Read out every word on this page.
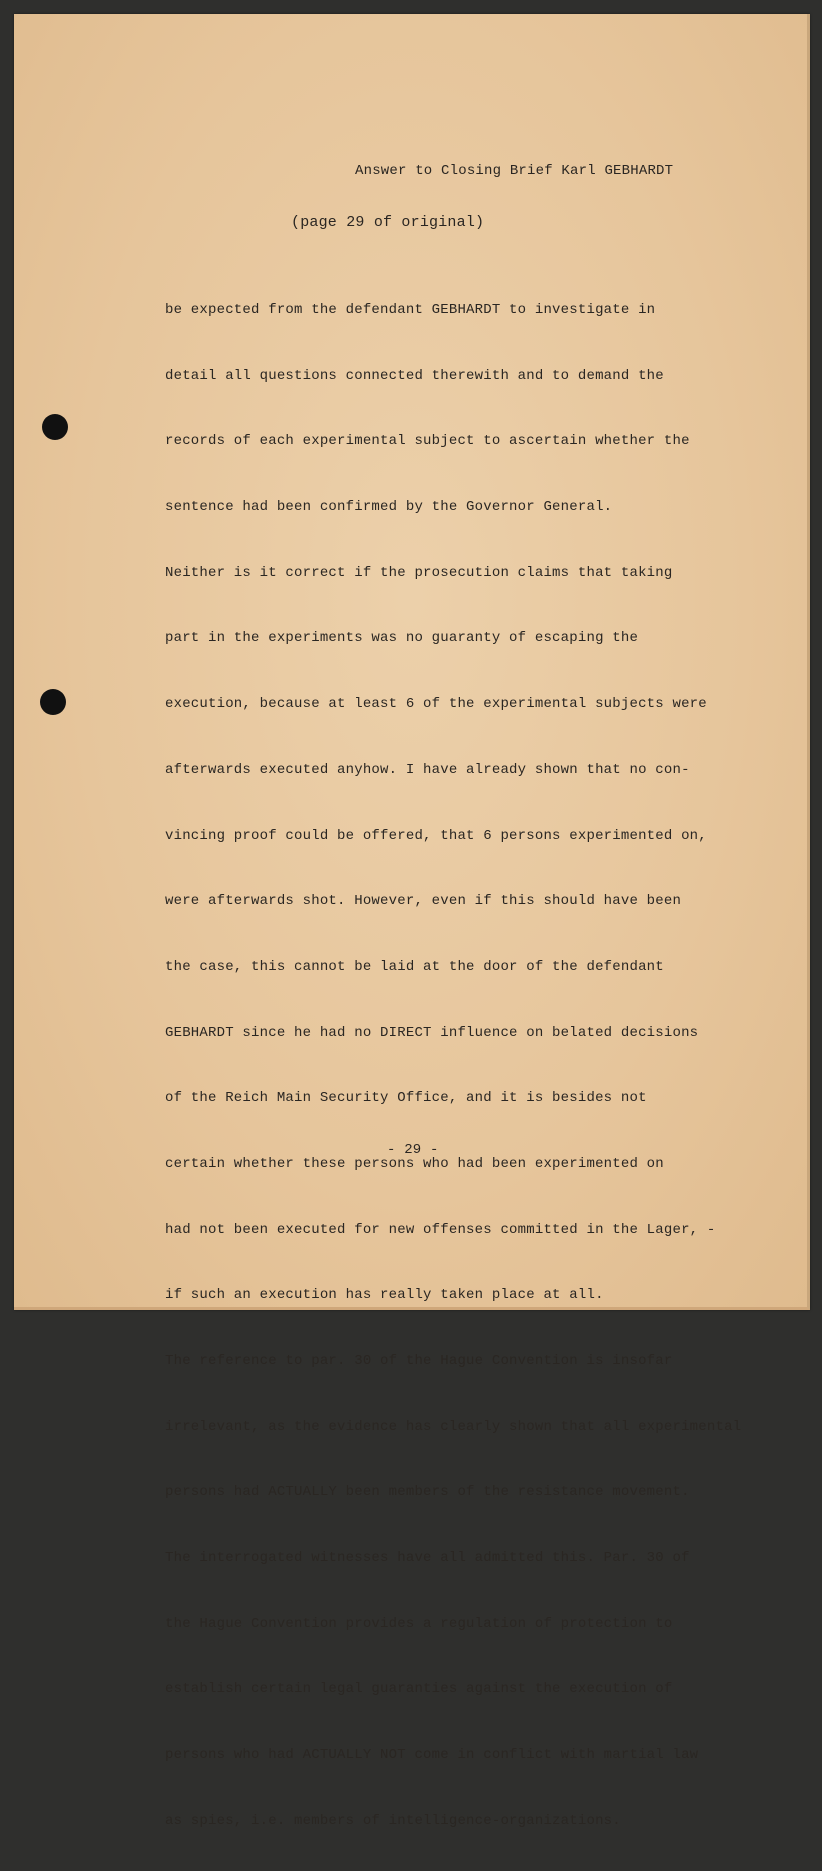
Answer to Closing Brief Karl GEBHARDT
(page 29 of original)

be expected from the defendant GEBHARDT to investigate in

detail all questions connected therewith and to demand the

records of each experimental subject to ascertain whether the

sentence had been confirmed by the Governor General.

Neither is it correct if the prosecution claims that taking

part in the experiments was no guaranty of escaping the

execution, because at least 6 of the experimental subjects were

afterwards executed anyhow. I have already shown that no con-

vincing proof could be offered, that 6 persons experimented on,

were afterwards shot. However, even if this should have been

the case, this cannot be laid at the door of the defendant

GEBHARDT since he had no DIRECT influence on belated decisions

of the Reich Main Security Office, and it is besides not

certain whether these persons who had been experimented on

had not been executed for new offenses committed in the Lager, -

if such an execution has really taken place at all.

The reference to par. 30 of the Hague Convention is insofar

irrelevant, as the evidence has clearly shown that all experimental

persons had ACTUALLY been members of the resistance movement.

The interrogated witnesses have all admitted this. Par. 30 of

the Hague Convention provides a regulation of protection to

establish certain legal guaranties against the execution of

persons who had ACTUALLY NOT come in conflict with martial law

as spies, i.e. members of intelligence-organizations.

- 29 -
